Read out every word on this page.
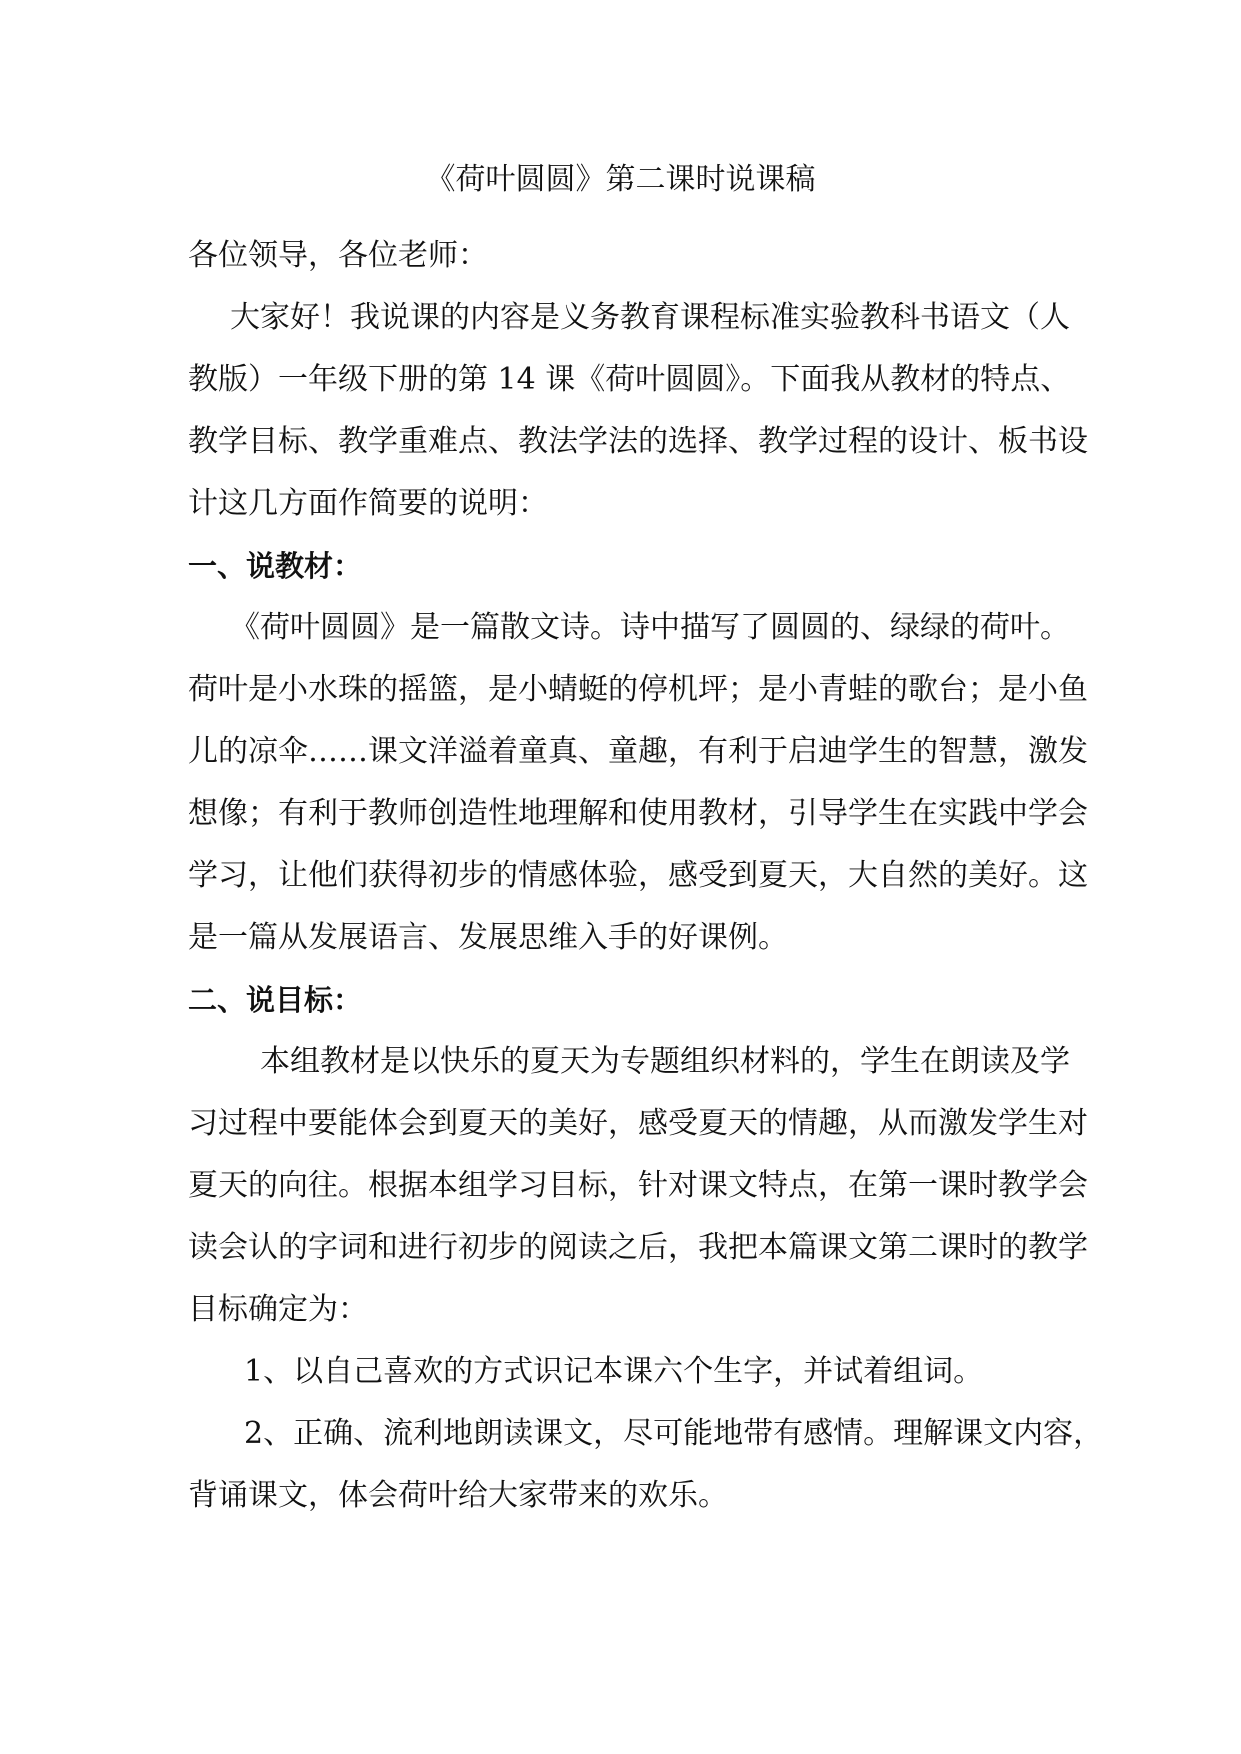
《荷叶圆圆》第二课时说课稿
各位领导，各位老师：
大家好！我说课的内容是义务教育课程标准实验教科书语文（人
教版）一年级下册的第 14 课《荷叶圆圆》。下面我从教材的特点、
教学目标、教学重难点、教法学法的选择、教学过程的设计、板书设
计这几方面作简要的说明：
一、说教材：
《荷叶圆圆》是一篇散文诗。诗中描写了圆圆的、绿绿的荷叶。
荷叶是小水珠的摇篮，是小蜻蜓的停机坪；是小青蛙的歌台；是小鱼
儿的凉伞……课文洋溢着童真、童趣，有利于启迪学生的智慧，激发
想像；有利于教师创造性地理解和使用教材，引导学生在实践中学会
学习，让他们获得初步的情感体验，感受到夏天，大自然的美好。这
是一篇从发展语言、发展思维入手的好课例。
二、说目标：
本组教材是以快乐的夏天为专题组织材料的，学生在朗读及学
习过程中要能体会到夏天的美好，感受夏天的情趣，从而激发学生对
夏天的向往。根据本组学习目标，针对课文特点，在第一课时教学会
读会认的字词和进行初步的阅读之后，我把本篇课文第二课时的教学
目标确定为：
1、以自己喜欢的方式识记本课六个生字，并试着组词。
2、正确、流利地朗读课文，尽可能地带有感情。理解课文内容，
背诵课文，体会荷叶给大家带来的欢乐。
